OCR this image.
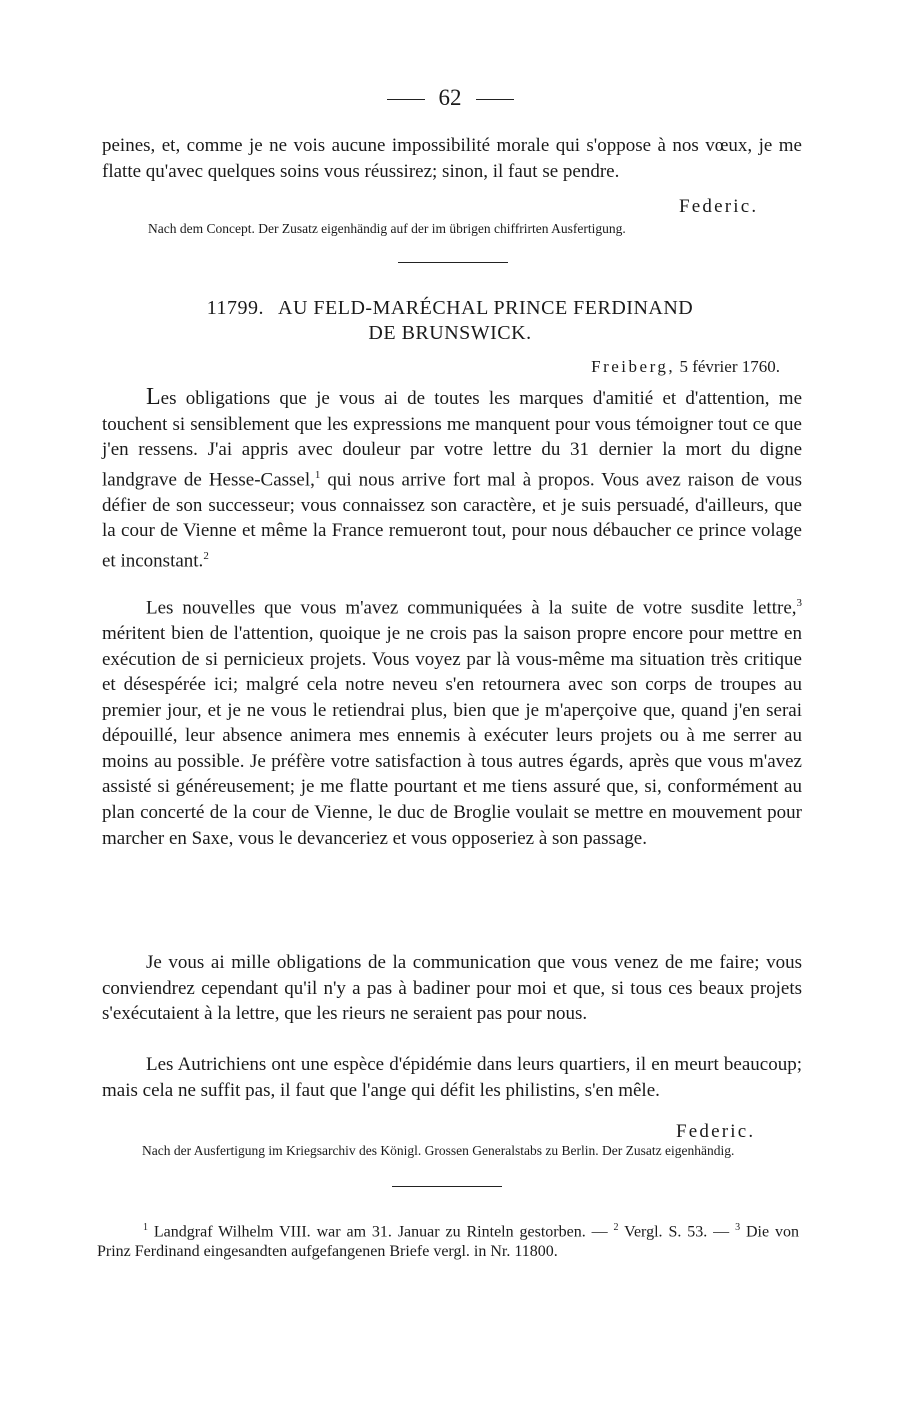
62
peines, et, comme je ne vois aucune impossibilité morale qui s'oppose à nos vœux, je me flatte qu'avec quelques soins vous réussirez; sinon, il faut se pendre.
Federic.
Nach dem Concept. Der Zusatz eigenhändig auf der im übrigen chiffrirten Ausfertigung.
11799. AU FELD-MARÉCHAL PRINCE FERDINAND
DE BRUNSWICK.
Freiberg, 5 février 1760.
Les obligations que je vous ai de toutes les marques d'amitié et d'attention, me touchent si sensiblement que les expressions me manquent pour vous témoigner tout ce que j'en ressens. J'ai appris avec douleur par votre lettre du 31 dernier la mort du digne landgrave de Hesse-Cassel,$^1$ qui nous arrive fort mal à propos. Vous avez raison de vous défier de son successeur; vous connaissez son caractère, et je suis persuadé, d'ailleurs, que la cour de Vienne et même la France remueront tout, pour nous débaucher ce prince volage et inconstant.$^2$
Les nouvelles que vous m'avez communiquées à la suite de votre susdite lettre,$^3$ méritent bien de l'attention, quoique je ne crois pas la saison propre encore pour mettre en exécution de si pernicieux projets. Vous voyez par là vous-même ma situation très critique et désespérée ici; malgré cela notre neveu s'en retournera avec son corps de troupes au premier jour, et je ne vous le retiendrai plus, bien que je m'aperçoive que, quand j'en serai dépouillé, leur absence animera mes ennemis à exécuter leurs projets ou à me serrer au moins au possible. Je préfère votre satisfaction à tous autres égards, après que vous m'avez assisté si généreusement; je me flatte pourtant et me tiens assuré que, si, conformément au plan concerté de la cour de Vienne, le duc de Broglie voulait se mettre en mouvement pour marcher en Saxe, vous le devanceriez et vous opposeriez à son passage.
Je vous ai mille obligations de la communication que vous venez de me faire; vous conviendrez cependant qu'il n'y a pas à badiner pour moi et que, si tous ces beaux projets s'exécutaient à la lettre, que les rieurs ne seraient pas pour nous.
Les Autrichiens ont une espèce d'épidémie dans leurs quartiers, il en meurt beaucoup; mais cela ne suffit pas, il faut que l'ange qui défit les philistins, s'en mêle.
Federic.
Nach der Ausfertigung im Kriegsarchiv des Königl. Grossen Generalstabs zu Berlin. Der Zusatz eigenhändig.
$^1$ Landgraf Wilhelm VIII. war am 31. Januar zu Rinteln gestorben. — $^2$ Vergl. S. 53. — $^3$ Die von Prinz Ferdinand eingesandten aufgefangenen Briefe vergl. in Nr. 11800.
